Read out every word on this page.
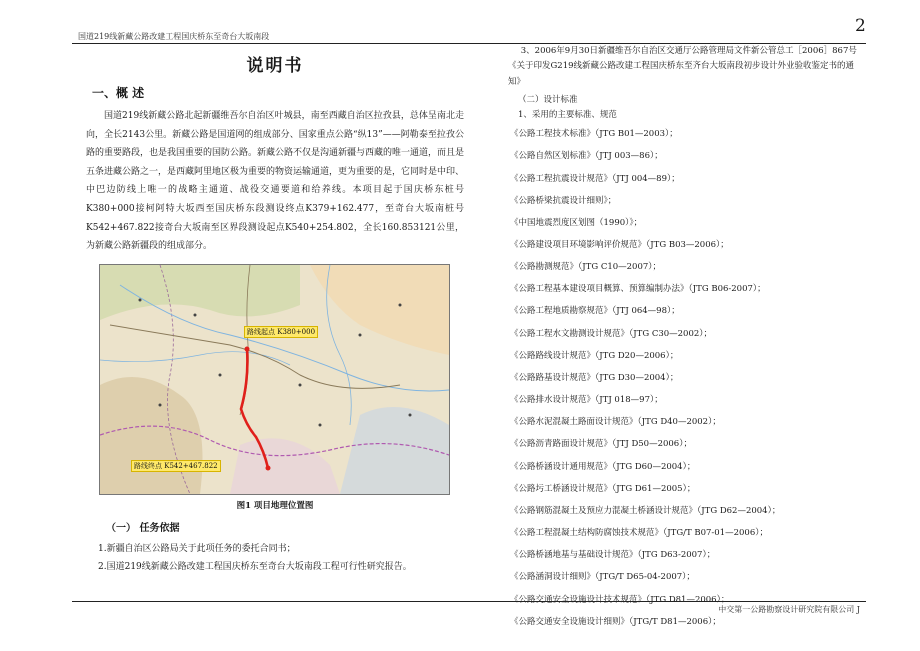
国道219线新藏公路改建工程国庆桥东至奇台大坂南段
2
说明书
一、概 述

国道219线新藏公路北起新疆维吾尔自治区叶城县，南至西藏自治区拉孜县，总体呈南北走向，全长2143公里。新藏公路是国道网的组成部分、国家重点公路“纵13”——阿勒泰至拉孜公路的重要路段，也是我国重要的国防公路。新藏公路不仅是沟通新疆与西藏的唯一通道，而且是五条进藏公路之一，是西藏阿里地区极为重要的物资运输通道，更为重要的是，它同时是中印、中巴边防线上唯一的战略主通道、战役交通要道和给养线。本项目起于国庆桥东桩号K380+000接柯阿特大坂西至国庆桥东段测设终点K379+162.477，至奇台大坂南桩号K542+467.822接奇台大坂南至区界段测设起点K540+254.802，全长160.853121公里，为新藏公路新疆段的组成部分。

路线起点 K380+000
路线终点 K542+467.822
图1 项目地理位置图
（一） 任务依据

1.新疆自治区公路局关于此项任务的委托合同书；

2.国道219线新藏公路改建工程国庆桥东至奇台大坂南段工程可行性研究报告。

3、2006年9月30日新疆维吾尔自治区交通厅公路管理局文件新公管总工［2006］867号《关于印发G219线新藏公路改建工程国庆桥东至齐台大坂南段初步设计外业验收鉴定书的通知》

（二）设计标准
1、采用的主要标准、规范
《公路工程技术标准》（JTG B01—2003）；
《公路自然区划标准》（JTJ 003—86）；
《公路工程抗震设计规范》（JTJ 004—89）；
《公路桥梁抗震设计细则》；
《中国地震烈度区划图（1990）》；
《公路建设项目环境影响评价规范》（JTG B03—2006）；
《公路勘测规范》（JTG C10—2007）；
《公路工程基本建设项目概算、预算编制办法》（JTG B06-2007）；
《公路工程地质勘察规范》（JTJ 064—98）；
《公路工程水文勘测设计规范》（JTG C30—2002）；
《公路路线设计规范》（JTG D20—2006）；
《公路路基设计规范》（JTG D30—2004）；
《公路排水设计规范》（JTJ 018—97）；
《公路水泥混凝土路面设计规范》（JTG D40—2002）；
《公路沥青路面设计规范》（JTJ D50—2006）；
《公路桥涵设计通用规范》（JTG D60—2004）；
《公路圬工桥涵设计规范》（JTG D61—2005）；
《公路钢筋混凝土及预应力混凝土桥涵设计规范》（JTG D62—2004）；
《公路工程混凝土结构防腐蚀技术规范》（JTG/T B07-01—2006）；
《公路桥涵地基与基础设计规范》（JTG D63-2007）；
《公路涵洞设计细则》（JTG/T D65-04-2007）；
《公路交通安全设施设计技术规范》（JTG D81—2006）；
《公路交通安全设施设计细则》（JTG/T D81—2006）；
中交第一公路勘察设计研究院有限公司 J
